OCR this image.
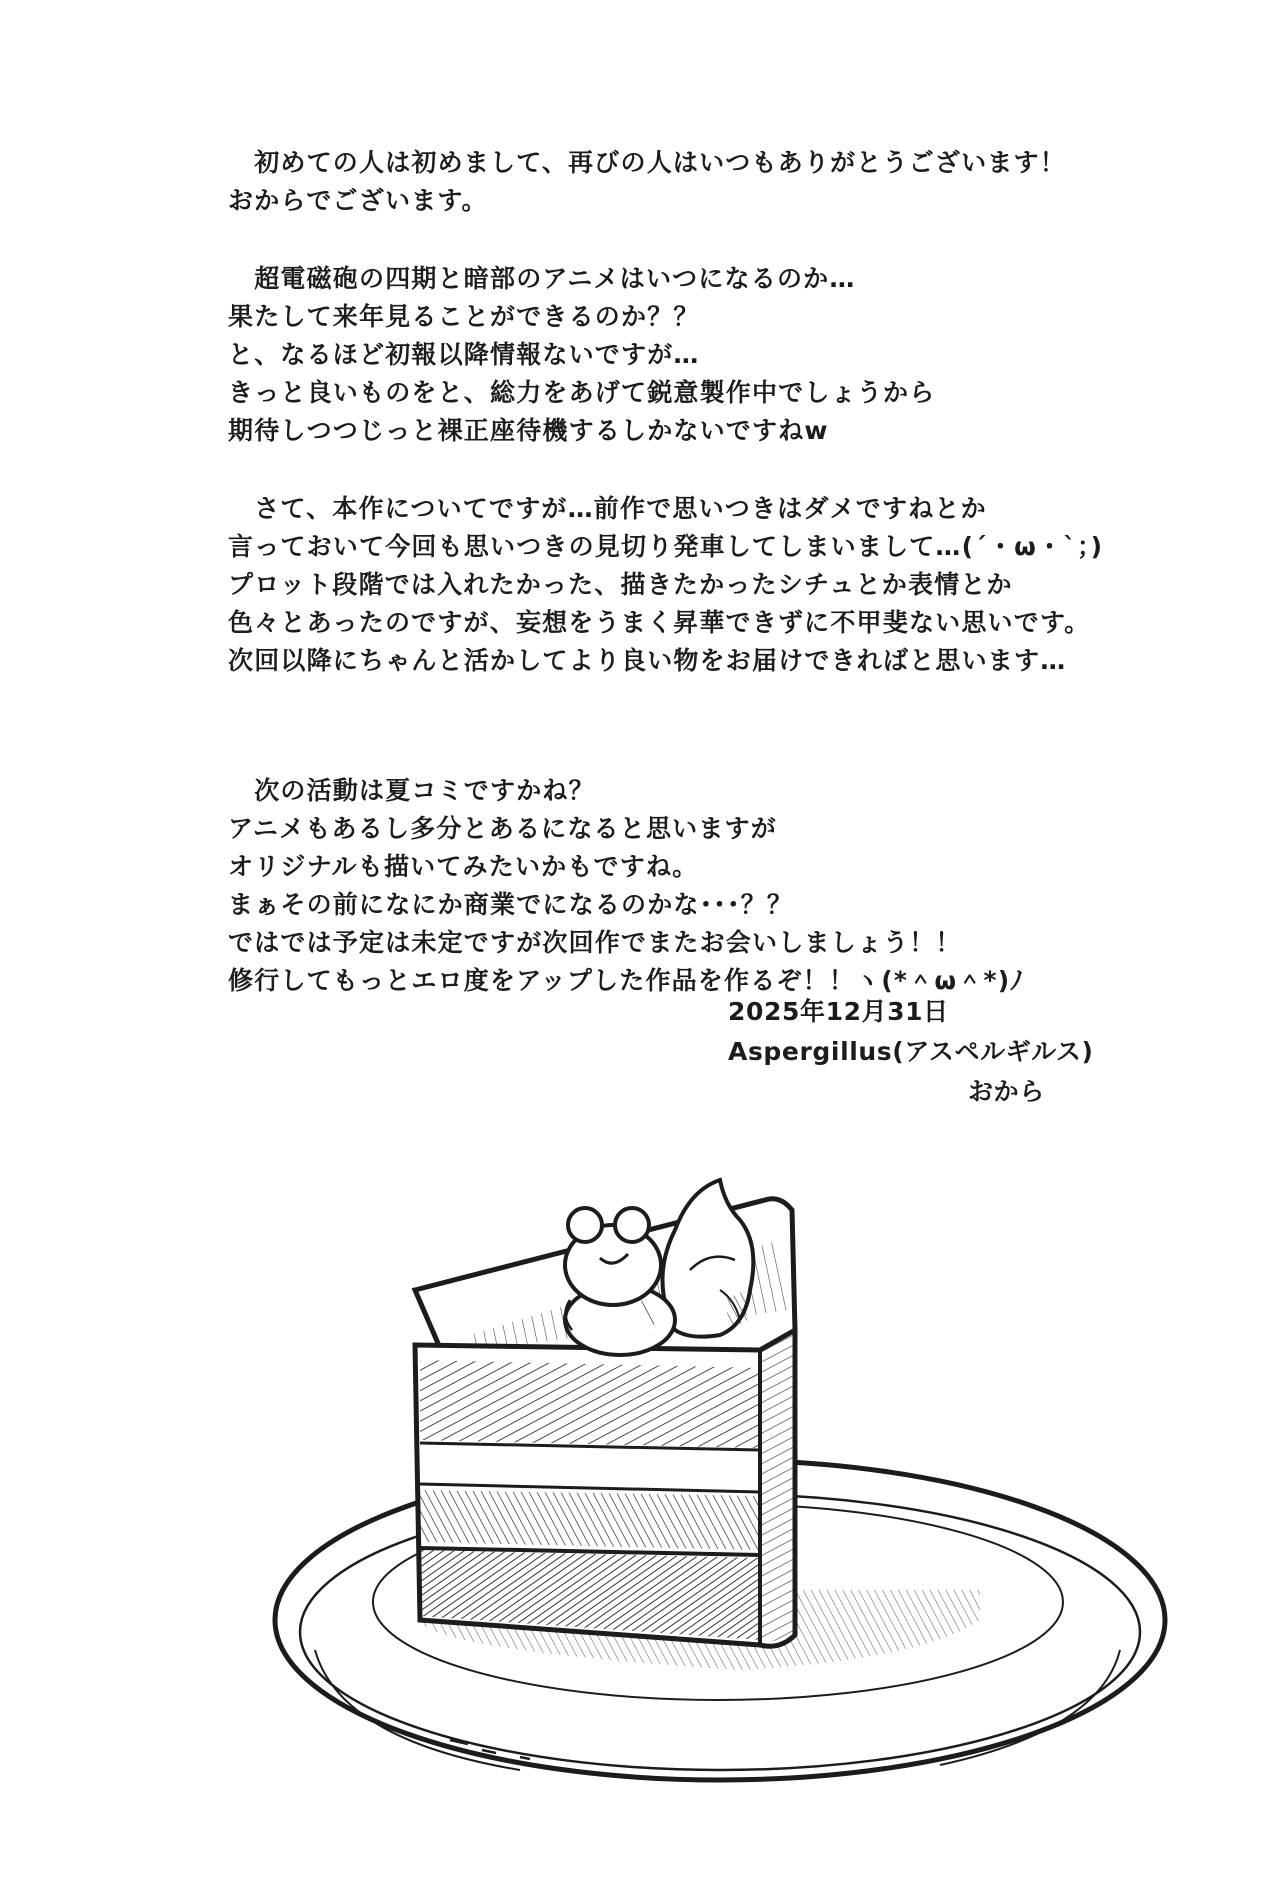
　初めての人は初めまして、再びの人はいつもありがとうございます！
おからでございます。
　超電磁砲の四期と暗部のアニメはいつになるのか…
果たして来年見ることができるのか？？
と、なるほど初報以降情報ないですが…
きっと良いものをと、総力をあげて鋭意製作中でしょうから
期待しつつじっと裸正座待機するしかないですねw
　さて、本作についてですが…前作で思いつきはダメですねとか
言っておいて今回も思いつきの見切り発車してしまいまして…(´・ω・`；)
プロット段階では入れたかった、描きたかったシチュとか表情とか
色々とあったのですが、妄想をうまく昇華できずに不甲斐ない思いです。
次回以降にちゃんと活かしてより良い物をお届けできればと思います…
　次の活動は夏コミですかね？
アニメもあるし多分とあるになると思いますが
オリジナルも描いてみたいかもですね。
まぁその前になにか商業でになるのかな･･･？？
ではでは予定は未定ですが次回作でまたお会いしましょう！！
修行してもっとエロ度をアップした作品を作るぞ！！ヽ(*＾ω＾*)ﾉ
2025年12月31日
Aspergillus(アスペルギルス)
おから
